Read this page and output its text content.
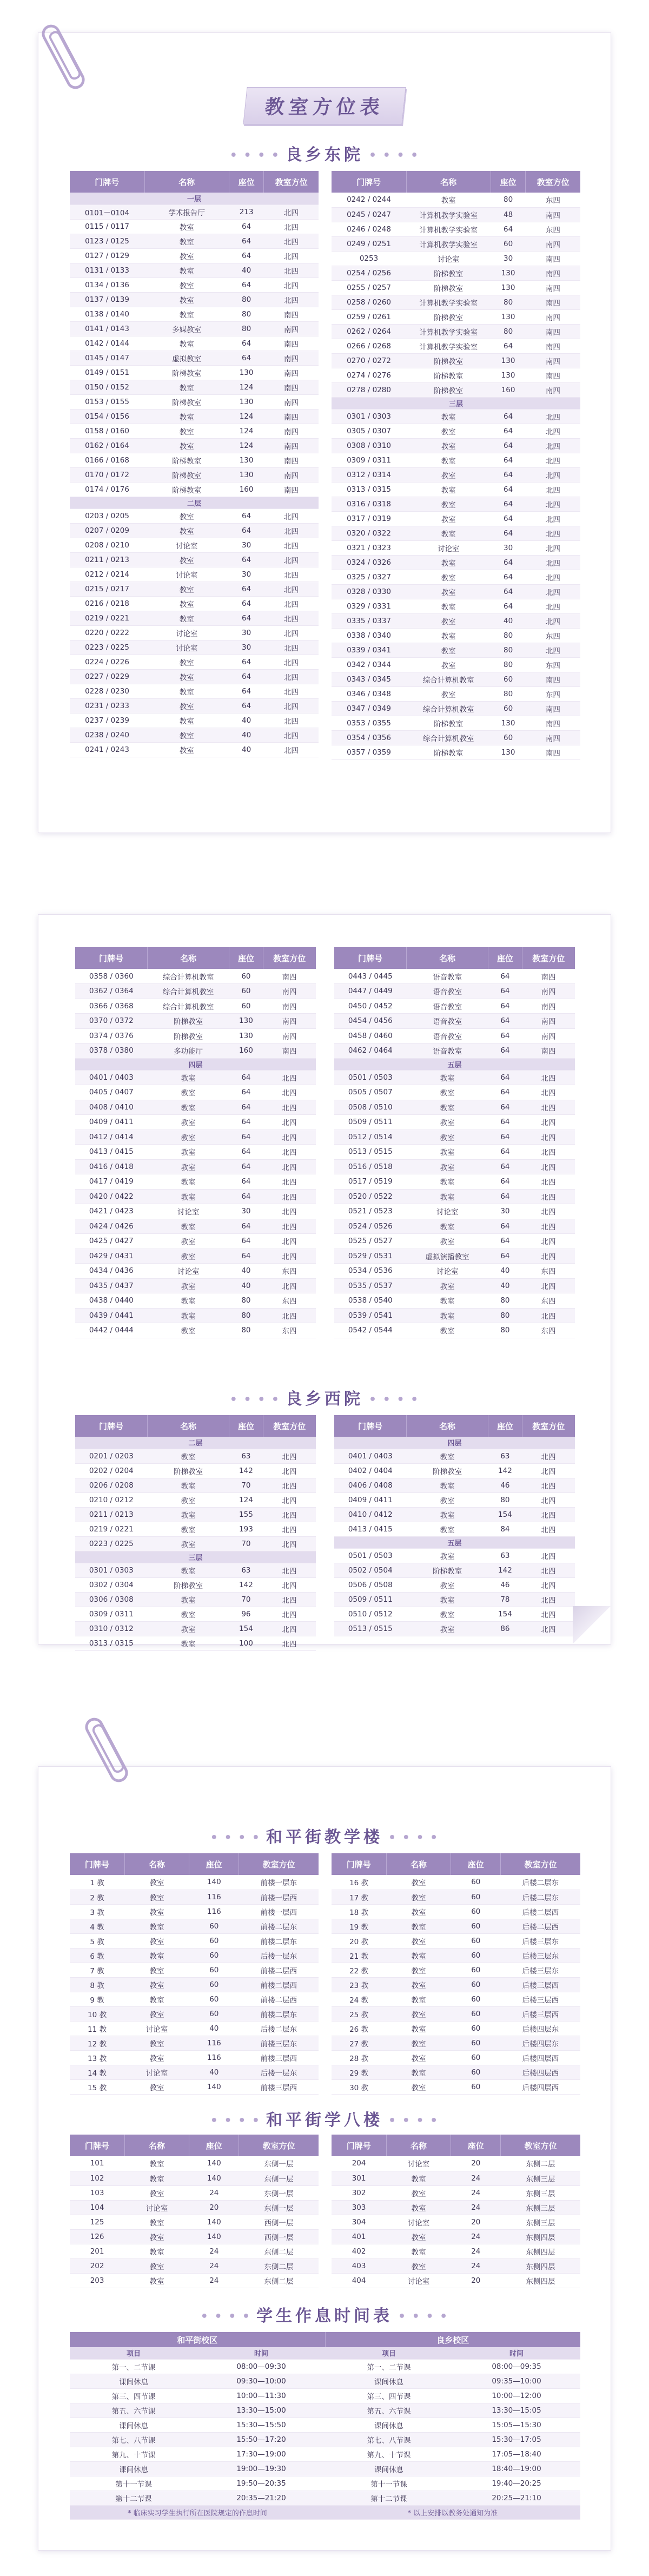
教室方位表
• • • • 良乡东院 • • • •
门牌号	名称	座位	教室方位
一层			
0101－0104	学术报告厅	213	北四
0115 / 0117	教室	64	北四
0123 / 0125	教室	64	北四
0127 / 0129	教室	64	北四
0131 / 0133	教室	40	北四
0134 / 0136	教室	64	北四
0137 / 0139	教室	80	北四
0138 / 0140	教室	80	南四
0141 / 0143	多媒教室	80	南四
0142 / 0144	教室	64	南四
0145 / 0147	虚拟教室	64	南四
0149 / 0151	阶梯教室	130	南四
0150 / 0152	教室	124	南四
0153 / 0155	阶梯教室	130	南四
0154 / 0156	教室	124	南四
0158 / 0160	教室	124	南四
0162 / 0164	教室	124	南四
0166 / 0168	阶梯教室	130	南四
0170 / 0172	阶梯教室	130	南四
0174 / 0176	阶梯教室	160	南四
二层			
0203 / 0205	教室	64	北四
0207 / 0209	教室	64	北四
0208 / 0210	讨论室	30	北四
0211 / 0213	教室	64	北四
0212 / 0214	讨论室	30	北四
0215 / 0217	教室	64	北四
0216 / 0218	教室	64	北四
0219 / 0221	教室	64	北四
0220 / 0222	讨论室	30	北四
0223 / 0225	讨论室	30	北四
0224 / 0226	教室	64	北四
0227 / 0229	教室	64	北四
0228 / 0230	教室	64	北四
0231 / 0233	教室	64	北四
0237 / 0239	教室	40	北四
0238 / 0240	教室	40	北四
0241 / 0243	教室	40	北四
门牌号	名称	座位	教室方位
0242 / 0244	教室	80	东四
0245 / 0247	计算机教学实验室	48	南四
0246 / 0248	计算机教学实验室	64	东四
0249 / 0251	计算机教学实验室	60	南四
0253	讨论室	30	南四
0254 / 0256	阶梯教室	130	南四
0255 / 0257	阶梯教室	130	南四
0258 / 0260	计算机教学实验室	80	南四
0259 / 0261	阶梯教室	130	南四
0262 / 0264	计算机教学实验室	80	南四
0266 / 0268	计算机教学实验室	64	南四
0270 / 0272	阶梯教室	130	南四
0274 / 0276	阶梯教室	130	南四
0278 / 0280	阶梯教室	160	南四
三层			
0301 / 0303	教室	64	北四
0305 / 0307	教室	64	北四
0308 / 0310	教室	64	北四
0309 / 0311	教室	64	北四
0312 / 0314	教室	64	北四
0313 / 0315	教室	64	北四
0316 / 0318	教室	64	北四
0317 / 0319	教室	64	北四
0320 / 0322	教室	64	北四
0321 / 0323	讨论室	30	北四
0324 / 0326	教室	64	北四
0325 / 0327	教室	64	北四
0328 / 0330	教室	64	北四
0329 / 0331	教室	64	北四
0335 / 0337	教室	40	北四
0338 / 0340	教室	80	东四
0339 / 0341	教室	80	北四
0342 / 0344	教室	80	东四
0343 / 0345	综合计算机教室	60	南四
0346 / 0348	教室	80	东四
0347 / 0349	综合计算机教室	60	南四
0353 / 0355	阶梯教室	130	南四
0354 / 0356	综合计算机教室	60	南四
0357 / 0359	阶梯教室	130	南四
门牌号	名称	座位	教室方位
0358 / 0360	综合计算机教室	60	南四
0362 / 0364	综合计算机教室	60	南四
0366 / 0368	综合计算机教室	60	南四
0370 / 0372	阶梯教室	130	南四
0374 / 0376	阶梯教室	130	南四
0378 / 0380	多功能厅	160	南四
四层			
0401 / 0403	教室	64	北四
0405 / 0407	教室	64	北四
0408 / 0410	教室	64	北四
0409 / 0411	教室	64	北四
0412 / 0414	教室	64	北四
0413 / 0415	教室	64	北四
0416 / 0418	教室	64	北四
0417 / 0419	教室	64	北四
0420 / 0422	教室	64	北四
0421 / 0423	讨论室	30	北四
0424 / 0426	教室	64	北四
0425 / 0427	教室	64	北四
0429 / 0431	教室	64	北四
0434 / 0436	讨论室	40	东四
0435 / 0437	教室	40	北四
0438 / 0440	教室	80	东四
0439 / 0441	教室	80	北四
0442 / 0444	教室	80	东四
门牌号	名称	座位	教室方位
0443 / 0445	语音教室	64	南四
0447 / 0449	语音教室	64	南四
0450 / 0452	语音教室	64	南四
0454 / 0456	语音教室	64	南四
0458 / 0460	语音教室	64	南四
0462 / 0464	语音教室	64	南四
五层			
0501 / 0503	教室	64	北四
0505 / 0507	教室	64	北四
0508 / 0510	教室	64	北四
0509 / 0511	教室	64	北四
0512 / 0514	教室	64	北四
0513 / 0515	教室	64	北四
0516 / 0518	教室	64	北四
0517 / 0519	教室	64	北四
0520 / 0522	教室	64	北四
0521 / 0523	讨论室	30	北四
0524 / 0526	教室	64	北四
0525 / 0527	教室	64	北四
0529 / 0531	虚拟演播教室	64	北四
0534 / 0536	讨论室	40	东四
0535 / 0537	教室	40	北四
0538 / 0540	教室	80	东四
0539 / 0541	教室	80	北四
0542 / 0544	教室	80	东四
• • • • 良乡西院 • • • •
门牌号	名称	座位	教室方位
二层			
0201 / 0203	教室	63	北四
0202 / 0204	阶梯教室	142	北四
0206 / 0208	教室	70	北四
0210 / 0212	教室	124	北四
0211 / 0213	教室	155	北四
0219 / 0221	教室	193	北四
0223 / 0225	教室	70	北四
三层			
0301 / 0303	教室	63	北四
0302 / 0304	阶梯教室	142	北四
0306 / 0308	教室	70	北四
0309 / 0311	教室	96	北四
0310 / 0312	教室	154	北四
0313 / 0315	教室	100	北四
门牌号	名称	座位	教室方位
四层			
0401 / 0403	教室	63	北四
0402 / 0404	阶梯教室	142	北四
0406 / 0408	教室	46	北四
0409 / 0411	教室	80	北四
0410 / 0412	教室	154	北四
0413 / 0415	教室	84	北四
五层			
0501 / 0503	教室	63	北四
0502 / 0504	阶梯教室	142	北四
0506 / 0508	教室	46	北四
0509 / 0511	教室	78	北四
0510 / 0512	教室	154	北四
0513 / 0515	教室	86	北四
• • • • 和平街教学楼 • • • •
门牌号	名称	座位	教室方位
1 教	教室	140	前楼一层东
2 教	教室	116	前楼一层西
3 教	教室	116	前楼一层西
4 教	教室	60	前楼二层东
5 教	教室	60	前楼二层东
6 教	教室	60	后楼一层东
7 教	教室	60	前楼二层西
8 教	教室	60	前楼二层西
9 教	教室	60	前楼二层西
10 教	教室	60	前楼二层东
11 教	讨论室	40	后楼二层东
12 教	教室	116	前楼三层东
13 教	教室	116	前楼三层西
14 教	讨论室	40	后楼一层东
15 教	教室	140	前楼三层西
门牌号	名称	座位	教室方位
16 教	教室	60	后楼二层东
17 教	教室	60	后楼二层东
18 教	教室	60	后楼二层西
19 教	教室	60	后楼二层西
20 教	教室	60	后楼三层东
21 教	教室	60	后楼三层东
22 教	教室	60	后楼三层东
23 教	教室	60	后楼三层西
24 教	教室	60	后楼三层西
25 教	教室	60	后楼三层西
26 教	教室	60	后楼四层东
27 教	教室	60	后楼四层东
28 教	教室	60	后楼四层西
29 教	教室	60	后楼四层西
30 教	教室	60	后楼四层西
• • • • 和平街学八楼 • • • •
门牌号	名称	座位	教室方位
101	教室	140	东侧一层
102	教室	140	东侧一层
103	教室	24	东侧一层
104	讨论室	20	东侧一层
125	教室	140	西侧一层
126	教室	140	西侧一层
201	教室	24	东侧二层
202	教室	24	东侧二层
203	教室	24	东侧二层
门牌号	名称	座位	教室方位
204	讨论室	20	东侧二层
301	教室	24	东侧三层
302	教室	24	东侧三层
303	教室	24	东侧三层
304	讨论室	20	东侧三层
401	教室	24	东侧四层
402	教室	24	东侧四层
403	教室	24	东侧四层
404	讨论室	20	东侧四层
• • • • 学生作息时间表 • • • •
和平街校区		良乡校区	
项目	时间	项目	时间
第一、二节课	08:00—09:30	第一、二节课	08:00—09:35
课间休息	09:30—10:00	课间休息	09:35—10:00
第三、四节课	10:00—11:30	第三、四节课	10:00—12:00
第五、六节课	13:30—15:00	第五、六节课	13:30—15:05
课间休息	15:30—15:50	课间休息	15:05—15:30
第七、八节课	15:50—17:20	第七、八节课	15:30—17:05
第九、十节课	17:30—19:00	第九、十节课	17:05—18:40
课间休息	19:00—19:30	课间休息	18:40—19:00
第十一节课	19:50—20:35	第十一节课	19:40—20:25
第十二节课	20:35—21:20	第十二节课	20:25—21:10
* 临床实习学生执行所在医院规定的作息时间		* 以上安排以教务处通知为准	
